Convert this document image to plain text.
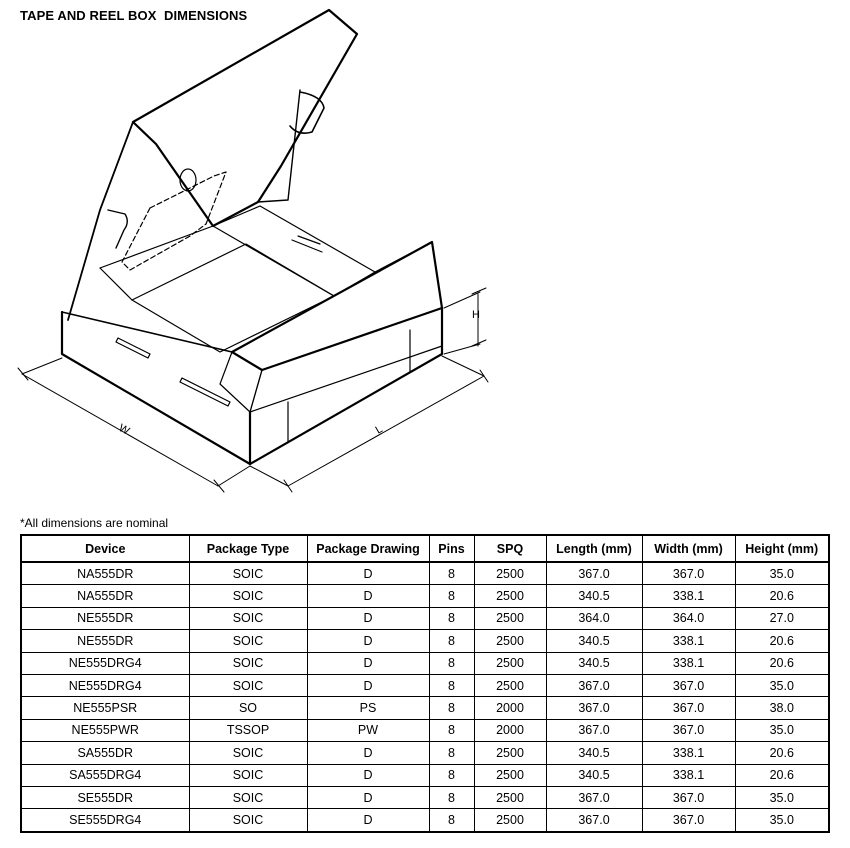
TAPE AND REEL BOX  DIMENSIONS
W	L
H
*All dimensions are nominal
Device	Package Type	Package Drawing	Pins	SPQ	Length (mm)	Width (mm)	Height (mm)
NA555DR	SOIC	D	8	2500	367.0	367.0	35.0
NA555DR	SOIC	D	8	2500	340.5	338.1	20.6
NE555DR	SOIC	D	8	2500	364.0	364.0	27.0
NE555DR	SOIC	D	8	2500	340.5	338.1	20.6
NE555DRG4	SOIC	D	8	2500	340.5	338.1	20.6
NE555DRG4	SOIC	D	8	2500	367.0	367.0	35.0
NE555PSR	SO	PS	8	2000	367.0	367.0	38.0
NE555PWR	TSSOP	PW	8	2000	367.0	367.0	35.0
SA555DR	SOIC	D	8	2500	340.5	338.1	20.6
SA555DRG4	SOIC	D	8	2500	340.5	338.1	20.6
SE555DR	SOIC	D	8	2500	367.0	367.0	35.0
SE555DRG4	SOIC	D	8	2500	367.0	367.0	35.0
